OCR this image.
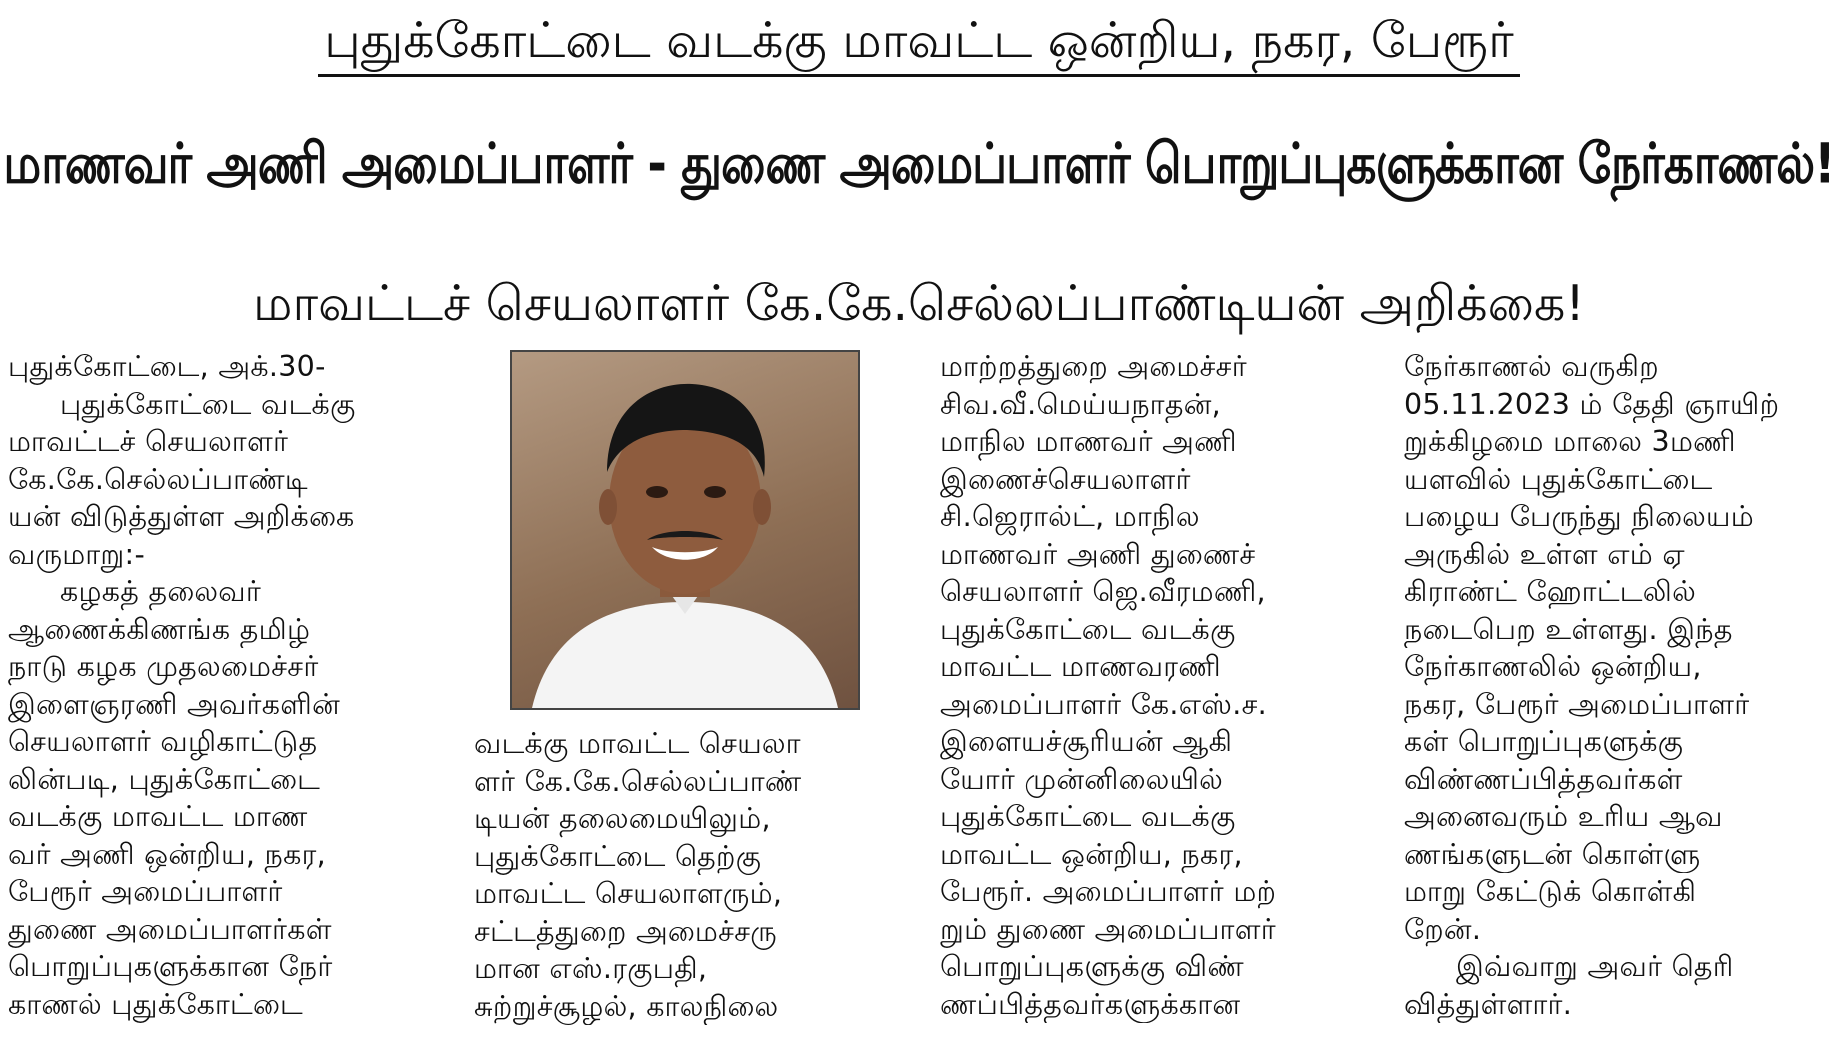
புதுக்கோட்டை வடக்கு மாவட்ட ஒன்றிய, நகர, பேரூர்
மாணவர் அணி அமைப்பாளர் - துணை அமைப்பாளர் பொறுப்புகளுக்கான நேர்காணல்!
மாவட்டச் செயலாளர் கே.கே.செல்லப்பாண்டியன் அறிக்கை!
புதுக்கோட்டை, அக்.30-
புதுக்கோட்டை வடக்கு
மாவட்டச் செயலாளர்
கே.கே.செல்லப்பாண்டி
யன் விடுத்துள்ள அறிக்கை
வருமாறு:-
கழகத் தலைவர்
ஆணைக்கிணங்க தமிழ்
நாடு கழக முதலமைச்சர்
இளைஞரணி அவர்களின்
செயலாளர் வழிகாட்டுத
லின்படி, புதுக்கோட்டை
வடக்கு மாவட்ட மாண
வர் அணி ஒன்றிய, நகர,
பேரூர் அமைப்பாளர்
துணை அமைப்பாளர்கள்
பொறுப்புகளுக்கான நேர்
காணல் புதுக்கோட்டை
வடக்கு மாவட்ட செயலா
ளர் கே.கே.செல்லப்பாண்
டியன் தலைமையிலும்,
புதுக்கோட்டை தெற்கு
மாவட்ட செயலாளரும்,
சட்டத்துறை அமைச்சரு
மான எஸ்.ரகுபதி,
சுற்றுச்சூழல், காலநிலை
மாற்றத்துறை அமைச்சர்
சிவ.வீ.மெய்யநாதன்,
மாநில மாணவர் அணி
இணைச்செயலாளர்
சி.ஜெரால்ட், மாநில
மாணவர் அணி துணைச்
செயலாளர் ஜெ.வீரமணி,
புதுக்கோட்டை வடக்கு
மாவட்ட மாணவரணி
அமைப்பாளர் கே.எஸ்.ச.
இளையச்சூரியன் ஆகி
யோர் முன்னிலையில்
புதுக்கோட்டை வடக்கு
மாவட்ட ஒன்றிய, நகர,
பேரூர். அமைப்பாளர் மற்
றும் துணை அமைப்பாளர்
பொறுப்புகளுக்கு விண்
ணப்பித்தவர்களுக்கான
நேர்காணல் வருகிற
05.11.2023 ம் தேதி ஞாயிற்
றுக்கிழமை மாலை 3மணி
யளவில் புதுக்கோட்டை
பழைய பேருந்து நிலையம்
அருகில் உள்ள எம் ஏ
கிராண்ட் ஹோட்டலில்
நடைபெற உள்ளது. இந்த
நேர்காணலில் ஒன்றிய,
நகர, பேரூர் அமைப்பாளர்
கள் பொறுப்புகளுக்கு
விண்ணப்பித்தவர்கள்
அனைவரும் உரிய ஆவ
ணங்களுடன் கொள்ளு
மாறு கேட்டுக் கொள்கி
றேன்.
இவ்வாறு அவர் தெரி
வித்துள்ளார்.
